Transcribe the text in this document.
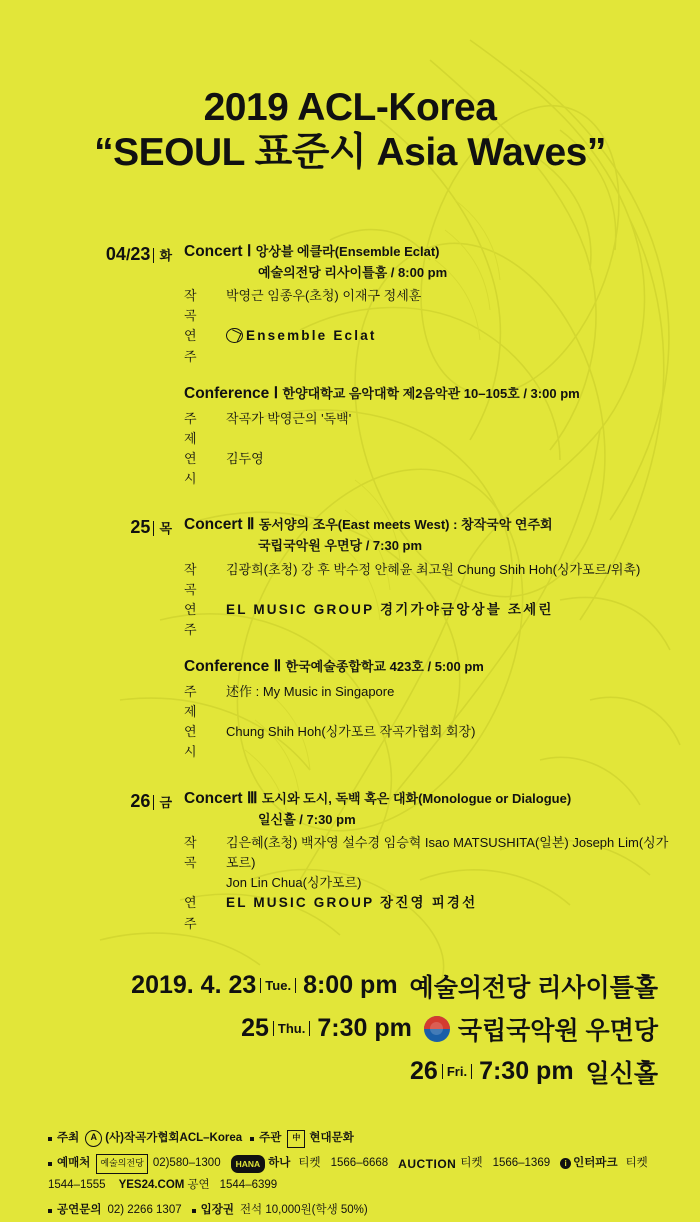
2019 ACL-Korea
“SEOUL 표준시 Asia Waves”
04/23 화 Concert Ⅰ 앙상블 에클라(Ensemble Eclat)
예술의전당 리사이틀홈 / 8:00 pm
작 곡
박영근 임종우(초청) 이재구 정세훈
연 주
Ensemble Eclat
Conference Ⅰ 한양대학교 음악대학 제2음악관 10–105호 / 3:00 pm
주 제
작곡가 박영근의 '독백'
연 시
김두영
25 목 Concert Ⅱ 동서양의 조우(East meets West) : 창작국악 연주회
국립국악원 우면당 / 7:30 pm
작 곡
김광희(초청) 강 후 박수정 안혜윤 최고원 Chung Shih Hoh(싱가포르/위촉)
연 주
EL MUSIC GROUP 경기가야금앙상블 조세린
Conference Ⅱ 한국예술종합학교 423호 / 5:00 pm
주 제
述作 : My Music in Singapore
연 시
Chung Shih Hoh(싱가포르 작곡가협회 회장)
26 금 Concert Ⅲ 도시와 도시, 독백 혹은 대화(Monologue or Dialogue)
일신홀 / 7:30 pm
작 곡
김은혜(초청) 백자영 설수경 임승혁 Isao MATSUSHITA(일본) Joseph Lim(싱가포르)
Jon Lin Chua(싱가포르)
연 주
EL MUSIC GROUP 장진영 피경선
2019. 4. 23 Tue. 8:00 pm 예술의전당 리사이틀홀
25 Thu. 7:30 pm 국립국악원 우면당
26 Fri. 7:30 pm 일신홀
주최	A (사)작곡가협회ACL–Korea 주관	中 현대문화
예매처	예술의전당 02)580–1300	HANA 하나 티켓 1566–6668 AUCTION 티켓 1566–1369	i 인터파크 티켓
1544–1555 YES24.COM 공연 1544–6399
공연문의 02) 2266 1307 입장권 전석 10,000원(학생 50%)
